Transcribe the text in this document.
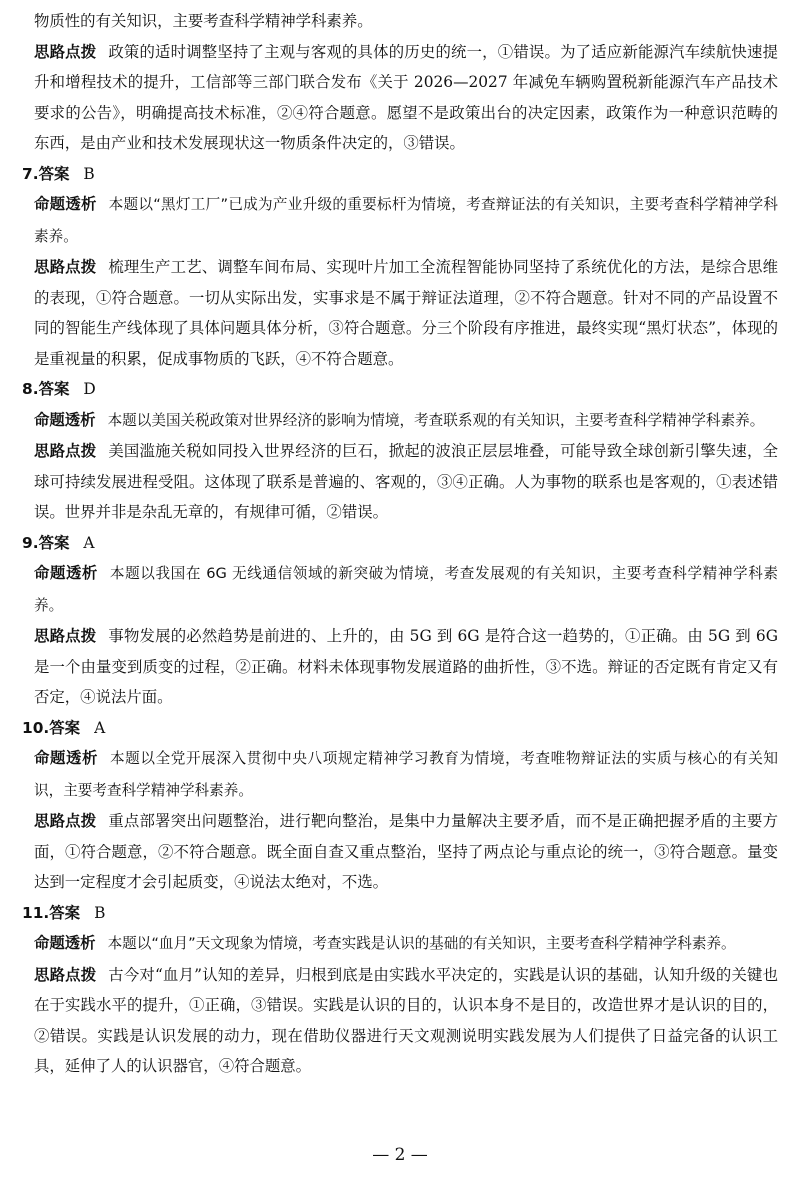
物质性的有关知识，主要考查科学精神学科素养。

思路点拨 政策的适时调整坚持了主观与客观的具体的历史的统一，①错误。为了适应新能源汽车续航快速提升和增程技术的提升，工信部等三部门联合发布《关于 2026—2027 年减免车辆购置税新能源汽车产品技术要求的公告》，明确提高技术标准，②④符合题意。愿望不是政策出台的决定因素，政策作为一种意识范畴的东西，是由产业和技术发展现状这一物质条件决定的，③错误。

7.答案 B

命题透析 本题以“黑灯工厂”已成为产业升级的重要标杆为情境，考查辩证法的有关知识，主要考查科学精神学科素养。

思路点拨 梳理生产工艺、调整车间布局、实现叶片加工全流程智能协同坚持了系统优化的方法，是综合思维的表现，①符合题意。一切从实际出发，实事求是不属于辩证法道理，②不符合题意。针对不同的产品设置不同的智能生产线体现了具体问题具体分析，③符合题意。分三个阶段有序推进，最终实现“黑灯状态”，体现的是重视量的积累，促成事物质的飞跃，④不符合题意。

8.答案 D

命题透析 本题以美国关税政策对世界经济的影响为情境，考查联系观的有关知识，主要考查科学精神学科素养。

思路点拨 美国滥施关税如同投入世界经济的巨石，掀起的波浪正层层堆叠，可能导致全球创新引擎失速，全球可持续发展进程受阻。这体现了联系是普遍的、客观的，③④正确。人为事物的联系也是客观的，①表述错误。世界并非是杂乱无章的，有规律可循，②错误。

9.答案 A

命题透析 本题以我国在 6G 无线通信领域的新突破为情境，考查发展观的有关知识，主要考查科学精神学科素养。

思路点拨 事物发展的必然趋势是前进的、上升的，由 5G 到 6G 是符合这一趋势的，①正确。由 5G 到 6G 是一个由量变到质变的过程，②正确。材料未体现事物发展道路的曲折性，③不选。辩证的否定既有肯定又有否定，④说法片面。

10.答案 A

命题透析 本题以全党开展深入贯彻中央八项规定精神学习教育为情境，考查唯物辩证法的实质与核心的有关知识，主要考查科学精神学科素养。

思路点拨 重点部署突出问题整治，进行靶向整治，是集中力量解决主要矛盾，而不是正确把握矛盾的主要方面，①符合题意，②不符合题意。既全面自查又重点整治，坚持了两点论与重点论的统一，③符合题意。量变达到一定程度才会引起质变，④说法太绝对，不选。

11.答案 B

命题透析 本题以“血月”天文现象为情境，考查实践是认识的基础的有关知识，主要考查科学精神学科素养。

思路点拨 古今对“血月”认知的差异，归根到底是由实践水平决定的，实践是认识的基础，认知升级的关键也在于实践水平的提升，①正确，③错误。实践是认识的目的，认识本身不是目的，改造世界才是认识的目的，②错误。实践是认识发展的动力，现在借助仪器进行天文观测说明实践发展为人们提供了日益完备的认识工具，延伸了人的认识器官，④符合题意。

— 2 —
